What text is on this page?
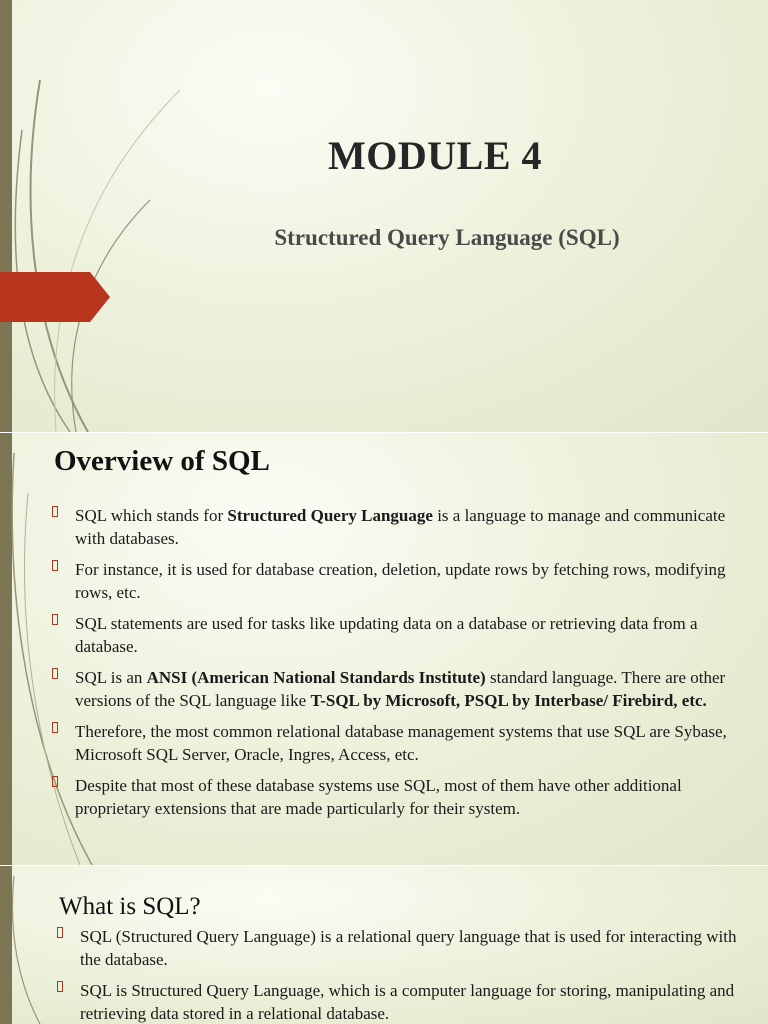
MODULE 4
Structured Query Language (SQL)
Overview of SQL
SQL which stands for Structured Query Language is a language to manage and communicate with databases.
For instance, it is used for database creation, deletion, update rows by fetching rows, modifying rows, etc.
SQL statements are used for tasks like updating data on a database or retrieving data from a database.
SQL is an ANSI (American National Standards Institute) standard language. There are other versions of the SQL language like T-SQL by Microsoft, PSQL by Interbase/ Firebird, etc.
Therefore, the most common relational database management systems that use SQL are Sybase, Microsoft SQL Server, Oracle, Ingres, Access, etc.
Despite that most of these database systems use SQL, most of them have other additional proprietary extensions that are made particularly for their system.
What is SQL?
SQL (Structured Query Language) is a relational query language that is used for interacting with the database.
SQL is Structured Query Language, which is a computer language for storing, manipulating and retrieving data stored in a relational database.
